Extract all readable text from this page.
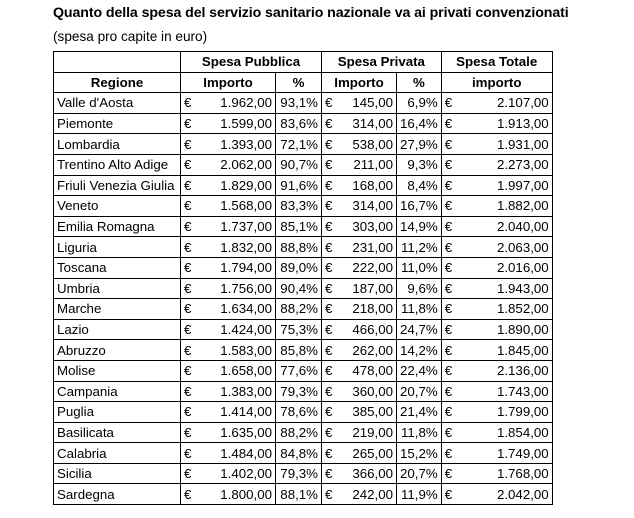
Quanto della spesa del servizio sanitario nazionale va ai privati convenzionati
(spesa pro capite in euro)
	Spesa Pubblica		Spesa Privata		Spesa Totale
Regione	Importo	%	Importo	%	importo
Valle d'Aosta	€ 1.962,00	93,1%	€ 145,00	6,9%	€ 2.107,00

Piemonte	€ 1.599,00	83,6%	€ 314,00	16,4%	€ 1.913,00

Lombardia	€ 1.393,00	72,1%	€ 538,00	27,9%	€ 1.931,00

Trentino Alto Adige	€ 2.062,00	90,7%	€ 211,00	9,3%	€ 2.273,00

Friuli Venezia Giulia	€ 1.829,00	91,6%	€ 168,00	8,4%	€ 1.997,00

Veneto	€ 1.568,00	83,3%	€ 314,00	16,7%	€ 1.882,00

Emilia Romagna	€ 1.737,00	85,1%	€ 303,00	14,9%	€ 2.040,00

Liguria	€ 1.832,00	88,8%	€ 231,00	11,2%	€ 2.063,00

Toscana	€ 1.794,00	89,0%	€ 222,00	11,0%	€ 2.016,00

Umbria	€ 1.756,00	90,4%	€ 187,00	9,6%	€ 1.943,00

Marche	€ 1.634,00	88,2%	€ 218,00	11,8%	€ 1.852,00

Lazio	€ 1.424,00	75,3%	€ 466,00	24,7%	€ 1.890,00

Abruzzo	€ 1.583,00	85,8%	€ 262,00	14,2%	€ 1.845,00

Molise	€ 1.658,00	77,6%	€ 478,00	22,4%	€ 2.136,00

Campania	€ 1.383,00	79,3%	€ 360,00	20,7%	€ 1.743,00

Puglia	€ 1.414,00	78,6%	€ 385,00	21,4%	€ 1.799,00

Basilicata	€ 1.635,00	88,2%	€ 219,00	11,8%	€ 1.854,00

Calabria	€ 1.484,00	84,8%	€ 265,00	15,2%	€ 1.749,00

Sicilia	€ 1.402,00	79,3%	€ 366,00	20,7%	€ 1.768,00

Sardegna	€ 1.800,00	88,1%	€ 242,00	11,9%	€ 2.042,00
